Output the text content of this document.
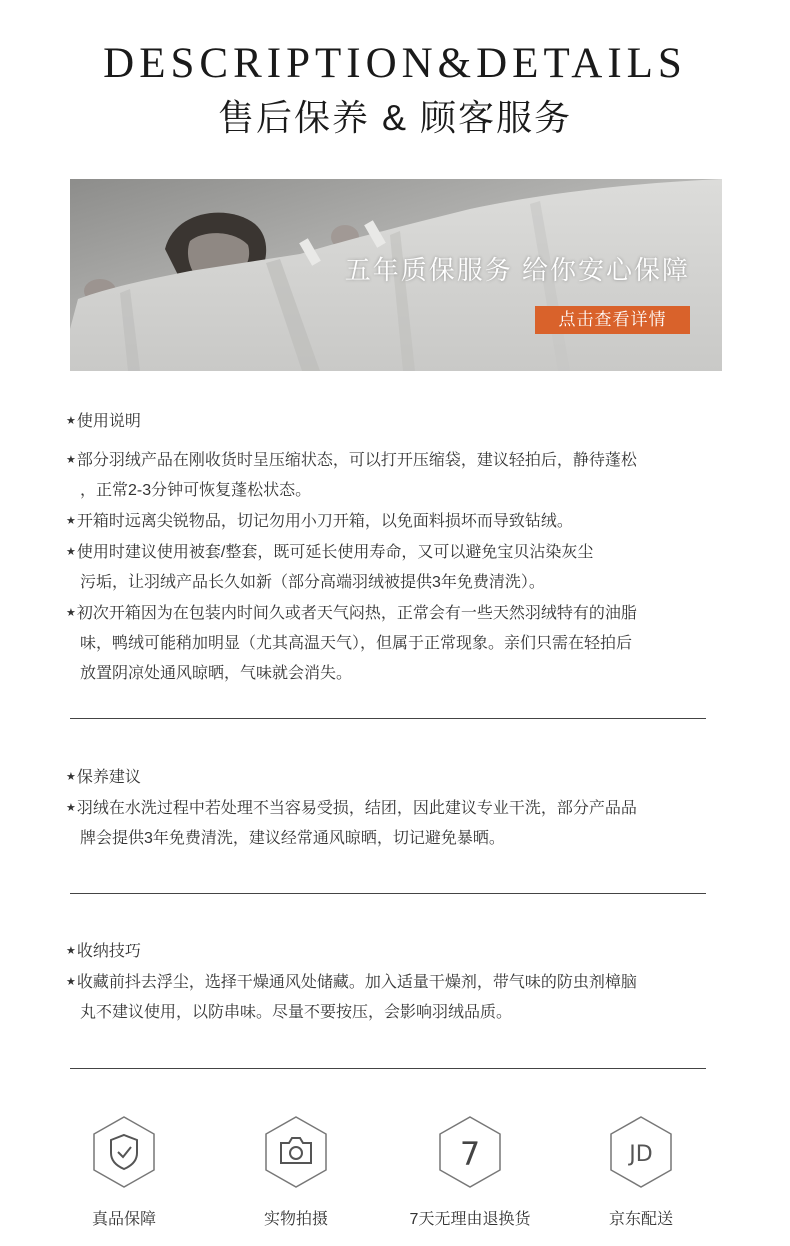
DESCRIPTION&DETAILS
售后保养 & 顾客服务
五年质保服务 给你安心保障
点击查看详情
★使用说明
★部分羽绒产品在刚收货时呈压缩状态，可以打开压缩袋，建议轻拍后，静待蓬松
，正常2-3分钟可恢复蓬松状态。
★开箱时远离尖锐物品，切记勿用小刀开箱，以免面料损坏而导致钻绒。
★使用时建议使用被套/整套，既可延长使用寿命，又可以避免宝贝沾染灰尘
污垢，让羽绒产品长久如新（部分高端羽绒被提供3年免费清洗）。
★初次开箱因为在包装内时间久或者天气闷热，正常会有一些天然羽绒特有的油脂
味，鸭绒可能稍加明显（尤其高温天气），但属于正常现象。亲们只需在轻拍后
放置阴凉处通风晾晒，气味就会消失。
★保养建议
★羽绒在水洗过程中若处理不当容易受损，结团，因此建议专业干洗，部分产品品
牌会提供3年免费清洗，建议经常通风晾晒，切记避免暴晒。
★收纳技巧
★收藏前抖去浮尘，选择干燥通风处储藏。加入适量干燥剂，带气味的防虫剂樟脑
丸不建议使用，以防串味。尽量不要按压，会影响羽绒品质。
真品保障	实物拍摄
7
7天无理由退换货
JD
京东配送
